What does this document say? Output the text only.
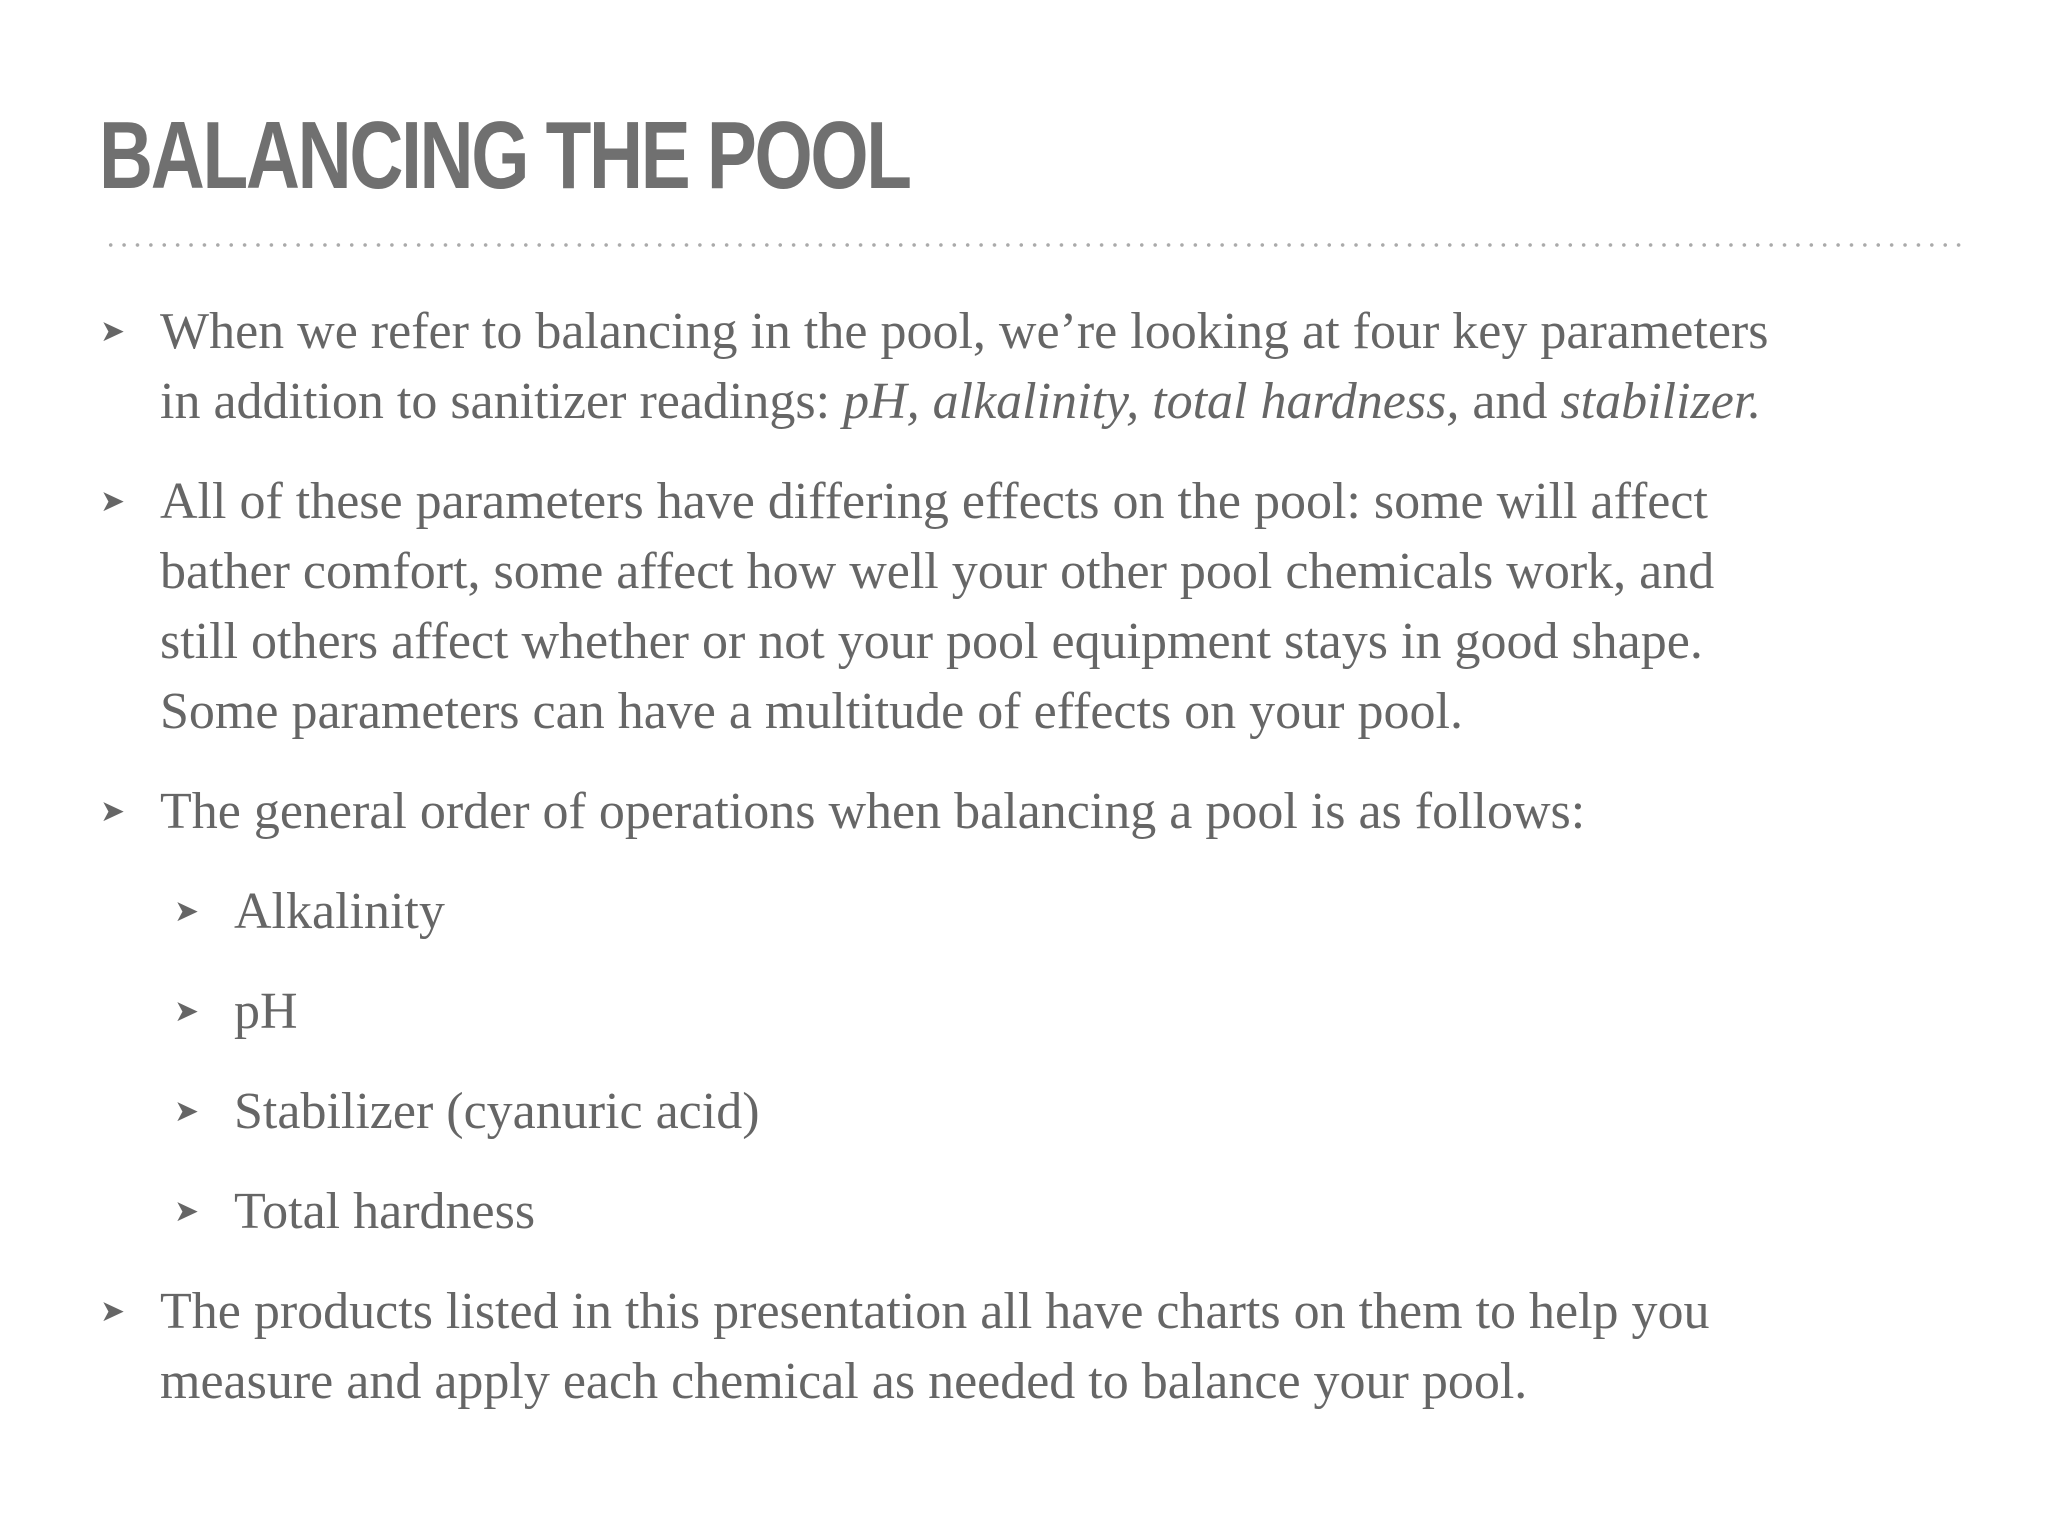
BALANCING THE POOL
➤ When we refer to balancing in the pool, we’re looking at four key parameters
in addition to sanitizer readings: pH, alkalinity, total hardness, and stabilizer.
➤ All of these parameters have differing effects on the pool: some will affect
bather comfort, some affect how well your other pool chemicals work, and
still others affect whether or not your pool equipment stays in good shape.
Some parameters can have a multitude of effects on your pool.
➤ The general order of operations when balancing a pool is as follows:
➤ Alkalinity
➤ pH
➤ Stabilizer (cyanuric acid)
➤ Total hardness
➤ The products listed in this presentation all have charts on them to help you
measure and apply each chemical as needed to balance your pool.
